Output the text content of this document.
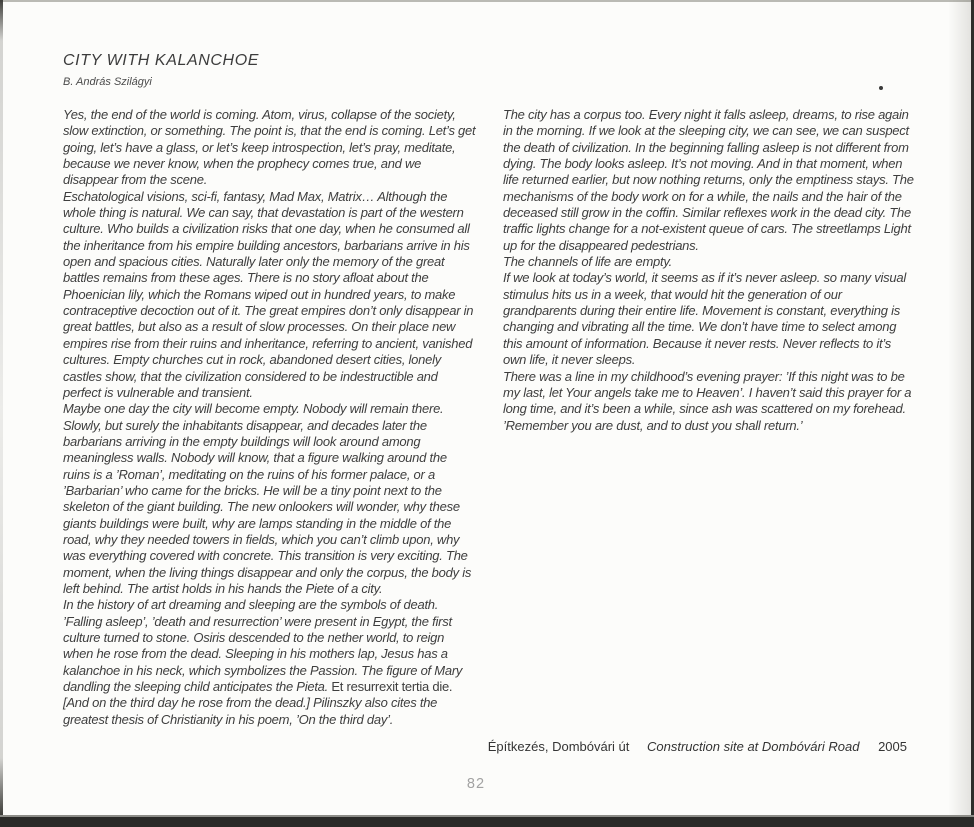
CITY WITH KALANCHOE
B. András Szilágyi

Yes, the end of the world is coming. Atom, virus, collapse of the society, slow extinction, or something. The point is, that the end is coming. Let’s get going, let’s have a glass, or let’s keep introspection, let’s pray, meditate, because we never know, when the prophecy comes true, and we disappear from the scene.

Eschatological visions, sci-fi, fantasy, Mad Max, Matrix… Although the whole thing is natural. We can say, that devastation is part of the western culture. Who builds a civilization risks that one day, when he consumed all the inheritance from his empire building ancestors, barbarians arrive in his open and spacious cities. Naturally later only the memory of the great battles remains from these ages. There is no story afloat about the Phoenician lily, which the Romans wiped out in hundred years, to make contraceptive decoction out of it. The great empires don’t only disappear in great battles, but also as a result of slow processes. On their place new empires rise from their ruins and inheritance, referring to ancient, vanished cultures. Empty churches cut in rock, abandoned desert cities, lonely castles show, that the civilization considered to be indestructible and perfect is vulnerable and transient.

Maybe one day the city will become empty. Nobody will remain there. Slowly, but surely the inhabitants disappear, and decades later the barbarians arriving in the empty buildings will look around among meaningless walls. Nobody will know, that a figure walking around the ruins is a ’Roman’, meditating on the ruins of his former palace, or a ’Barbarian’ who came for the bricks. He will be a tiny point next to the skeleton of the giant building. The new onlookers will wonder, why these giants buildings were built, why are lamps standing in the middle of the road, why they needed towers in fields, which you can’t climb upon, why was everything covered with concrete. This transition is very exciting. The moment, when the living things disappear and only the corpus, the body is left behind. The artist holds in his hands the Piete of a city.

In the history of art dreaming and sleeping are the symbols of death. ’Falling asleep’, ’death and resurrection’ were present in Egypt, the first culture turned to stone. Osiris descended to the nether world, to reign when he rose from the dead. Sleeping in his mothers lap, Jesus has a kalanchoe in his neck, which symbolizes the Passion. The figure of Mary dandling the sleeping child anticipates the Pieta. Et resurrexit tertia die. [And on the third day he rose from the dead.] Pilinszky also cites the greatest thesis of Christianity in his poem, ’On the third day’.

The city has a corpus too. Every night it falls asleep, dreams, to rise again in the morning. If we look at the sleeping city, we can see, we can suspect the death of civilization. In the beginning falling asleep is not different from dying. The body looks asleep. It’s not moving. And in that moment, when life returned earlier, but now nothing returns, only the emptiness stays. The mechanisms of the body work on for a while, the nails and the hair of the deceased still grow in the coffin. Similar reflexes work in the dead city. The traffic lights change for a not-existent queue of cars. The streetlamps Light up for the disappeared pedestrians.

The channels of life are empty.

If we look at today’s world, it seems as if it’s never asleep. so many visual stimulus hits us in a week, that would hit the generation of our grandparents during their entire life. Movement is constant, everything is changing and vibrating all the time. We don’t have time to select among this amount of information. Because it never rests. Never reflects to it’s own life, it never sleeps.

There was a line in my childhood’s evening prayer: ’If this night was to be my last, let Your angels take me to Heaven’. I haven’t said this prayer for a long time, and it’s been a while, since ash was scattered on my forehead. ’Remember you are dust, and to dust you shall return.’

Építkezés, Dombóvári út Construction site at Dombóvári Road 2005
82
